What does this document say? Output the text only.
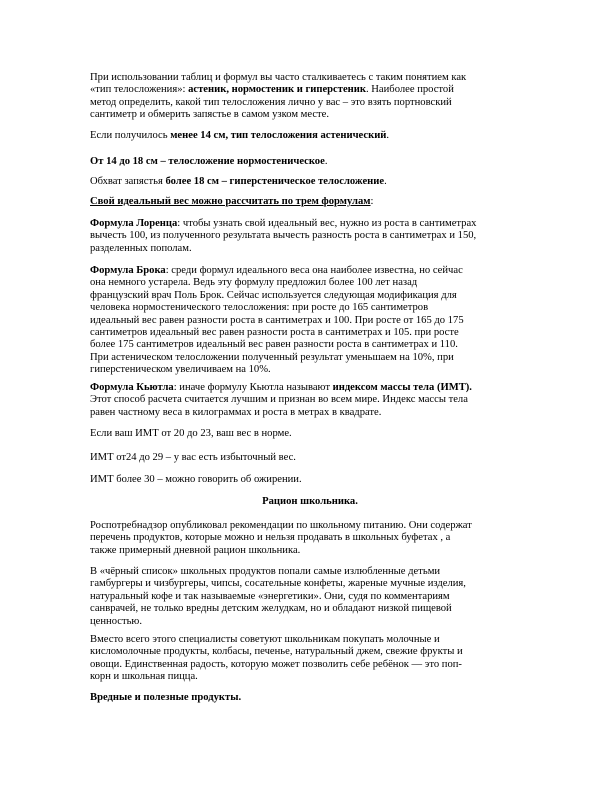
При использовании таблиц и формул вы часто сталкиваетесь с таким понятием как
«тип телосложения»: астеник, нормостеник и гиперстеник. Наиболее простой
метод определить, какой тип телосложения лично у вас – это взять портновский
сантиметр и обмерить запястье в самом узком месте.
Если получилось менее 14 см, тип телосложения астенический.
От 14 до 18 см – телосложение нормостеническое.
Обхват запястья более 18 см – гиперстеническое телосложение.
Свой идеальный вес можно рассчитать по трем формулам:
Формула Лоренца: чтобы узнать свой идеальный вес, нужно из роста в сантиметрах
вычесть 100, из полученного результата вычесть разность роста в сантиметрах и 150,
разделенных пополам.
Формула Брока: среди формул идеального веса она наиболее известна, но сейчас
она немного устарела. Ведь эту формулу предложил более 100 лет назад
французский врач Поль Брок. Сейчас используется следующая модификация для
человека нормостенического телосложения: при росте до 165 сантиметров
идеальный вес равен разности роста в сантиметрах и 100. При росте от 165 до 175
сантиметров идеальный вес равен разности роста в сантиметрах и 105. при росте
более 175 сантиметров идеальный вес равен разности роста в сантиметрах и 110.
При астеническом телосложении полученный результат уменьшаем на 10%, при
гиперстеническом увеличиваем на 10%.
Формула Кьютла: иначе формулу Кьютла называют индексом массы тела (ИМТ).
Этот способ расчета считается лучшим и признан во всем мире. Индекс массы тела
равен частному веса в килограммах и роста в метрах в квадрате.
Если ваш ИМТ от 20 до 23, ваш вес в норме.
ИМТ от24 до 29 – у вас есть избыточный вес.
ИМТ более 30 – можно говорить об ожирении.
Рацион школьника.
Роспотребнадзор опубликовал рекомендации по школьному питанию. Они содержат
перечень продуктов, которые можно и нельзя продавать в школьных буфетах , а
также примерный дневной рацион школьника.
В «чёрный список» школьных продуктов попали самые излюбленные детьми
гамбургеры и чизбургеры, чипсы, сосательные конфеты, жареные мучные изделия,
натуральный кофе и так называемые «энергетики». Они, судя по комментариям
санврачей, не только вредны детским желудкам, но и обладают низкой пищевой
ценностью.
Вместо всего этого специалисты советуют школьникам покупать молочные и
кисломолочные продукты, колбасы, печенье, натуральный джем, свежие фрукты и
овощи. Единственная радость, которую может позволить себе ребёнок — это поп-
корн и школьная пицца.
Вредные и полезные продукты.
